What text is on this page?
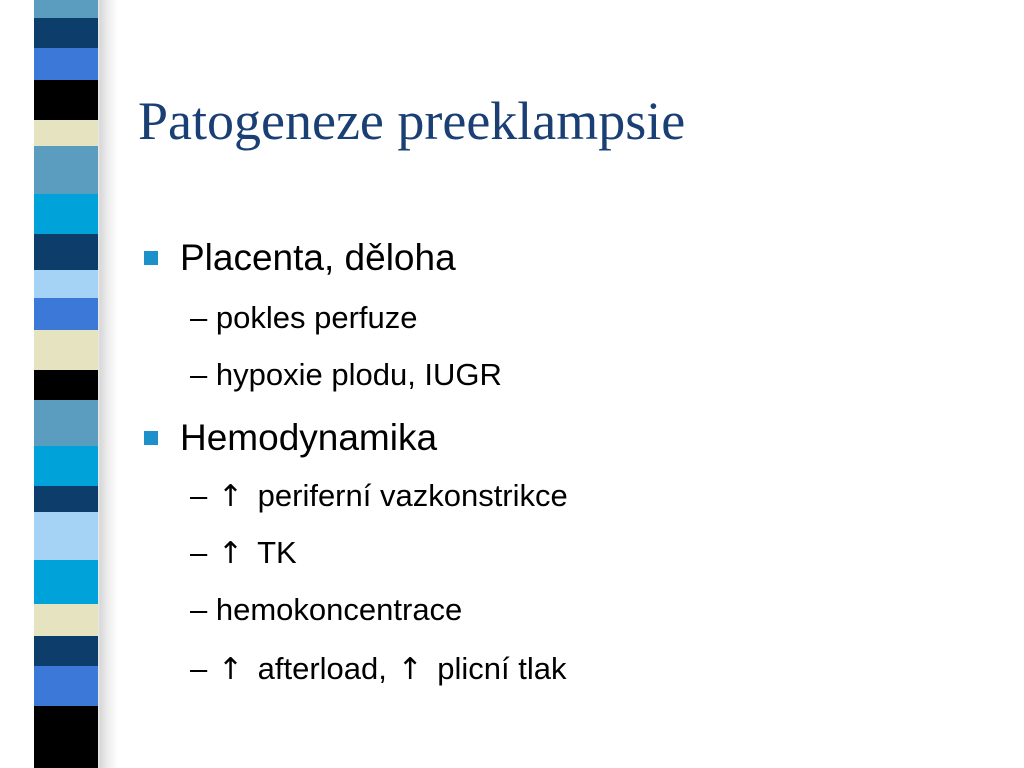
Patogeneze preeklampsie
Placenta, děloha
– pokles perfuze
– hypoxie plodu, IUGR
Hemodynamika
– ↑ periferní vazkonstrikce
– ↑ TK
– hemokoncentrace
– ↑ afterload, ↑ plicní tlak
